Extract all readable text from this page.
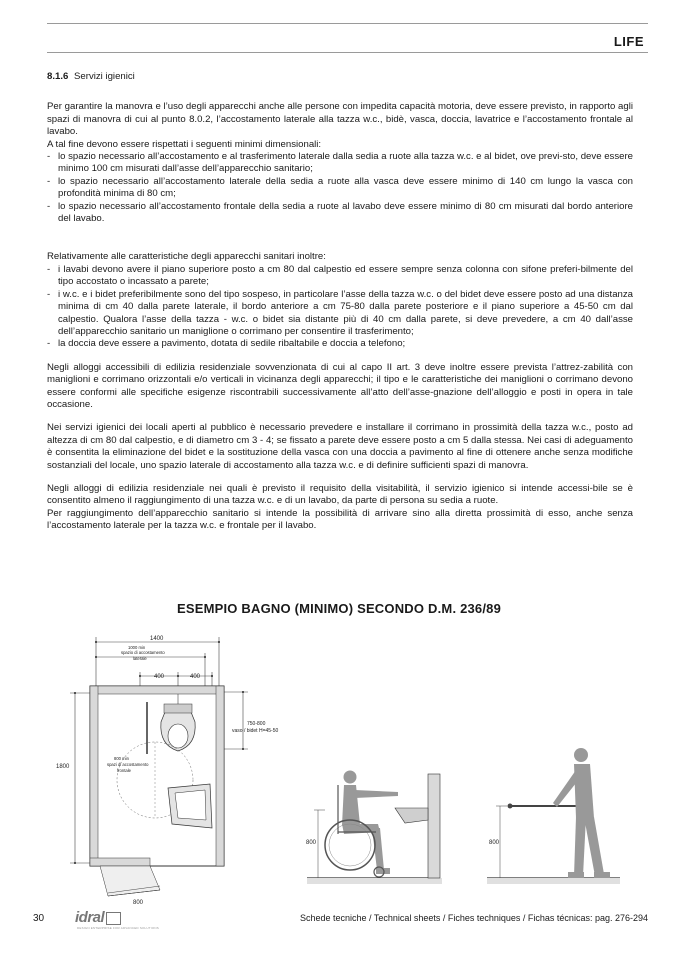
LIFE
8.1.6 Servizi igienici

Per garantire la manovra e l’uso degli apparecchi anche alle persone con impedita capacità motoria, deve essere previsto, in rapporto agli spazi di manovra di cui al punto 8.0.2, l’accostamento laterale alla tazza w.c., bidè, vasca, doccia, lavatrice e l’accostamento frontale al lavabo.

A tal fine devono essere rispettati i seguenti minimi dimensionali:

- lo spazio necessario all’accostamento e al trasferimento laterale dalla sedia a ruote alla tazza w.c. e al bidet, ove previ-sto, deve essere minimo 100 cm misurati dall’asse dell’apparecchio sanitario;
- lo spazio necessario all’accostamento laterale della sedia a ruote alla vasca deve essere minimo di 140 cm lungo la vasca con profondità minima di 80 cm;
- lo spazio necessario all’accostamento frontale della sedia a ruote al lavabo deve essere minimo di 80 cm misurati dal bordo anteriore del lavabo.

Relativamente alle caratteristiche degli apparecchi sanitari inoltre:

- i lavabi devono avere il piano superiore posto a cm 80 dal calpestio ed essere sempre senza colonna con sifone preferi-bilmente del tipo accostato o incassato a parete;
- i w.c. e i bidet preferibilmente sono del tipo sospeso, in particolare l’asse della tazza w.c. o del bidet deve essere posto ad una distanza minima di cm 40 dalla parete laterale, il bordo anteriore a cm 75-80 dalla parete posteriore e il piano superiore a 45-50 cm dal calpestio. Qualora l’asse della tazza - w.c. o bidet sia distante più di 40 cm dalla parete, si deve prevedere, a cm 40 dall’asse dell’apparecchio sanitario un maniglione o corrimano per consentire il trasferimento;
- la doccia deve essere a pavimento, dotata di sedile ribaltabile e doccia a telefono;

Negli alloggi accessibili di edilizia residenziale sovvenzionata di cui al capo II art. 3 deve inoltre essere prevista l’attrez-zabilità con maniglioni e corrimano orizzontali e/o verticali in vicinanza degli apparecchi; il tipo e le caratteristiche dei maniglioni o corrimano devono essere conformi alle specifiche esigenze riscontrabili successivamente all’atto dell’asse-gnazione dell’alloggio e posti in opera in tale occasione.

Nei servizi igienici dei locali aperti al pubblico è necessario prevedere e installare il corrimano in prossimità della tazza w.c., posto ad altezza di cm 80 dal calpestio, e di diametro cm 3 - 4; se fissato a parete deve essere posto a cm 5 dalla stessa. Nei casi di adeguamento è consentita la eliminazione del bidet e la sostituzione della vasca con una doccia a pavimento al fine di ottenere anche senza modifiche sostanziali del locale, uno spazio laterale di accostamento alla tazza w.c. e di definire sufficienti spazi di manovra.

Negli alloggi di edilizia residenziale nei quali è previsto il requisito della visitabilità, il servizio igienico si intende accessi-bile se è consentito almeno il raggiungimento di una tazza w.c. e di un lavabo, da parte di persona su sedia a ruote.

Per raggiungimento dell’apparecchio sanitario si intende la possibilità di arrivare sino alla diretta prossimità di esso, anche senza l’accostamento laterale per la tazza w.c. e frontale per il lavabo.

ESEMPIO BAGNO (MINIMO) SECONDO D.M. 236/89
1400
1000 min
spazio di accostamento
laterale
400	400
750-800
vaso / bidet H=45-50
1800
800 min
spazi di accostamento
frontale
800
800	800
30 idral
DESIGN ENTERPRISE FOR ADVANCED SOLUTIONS
Schede tecniche / Technical sheets / Fiches techniques / Fichas técnicas: pag. 276-294
